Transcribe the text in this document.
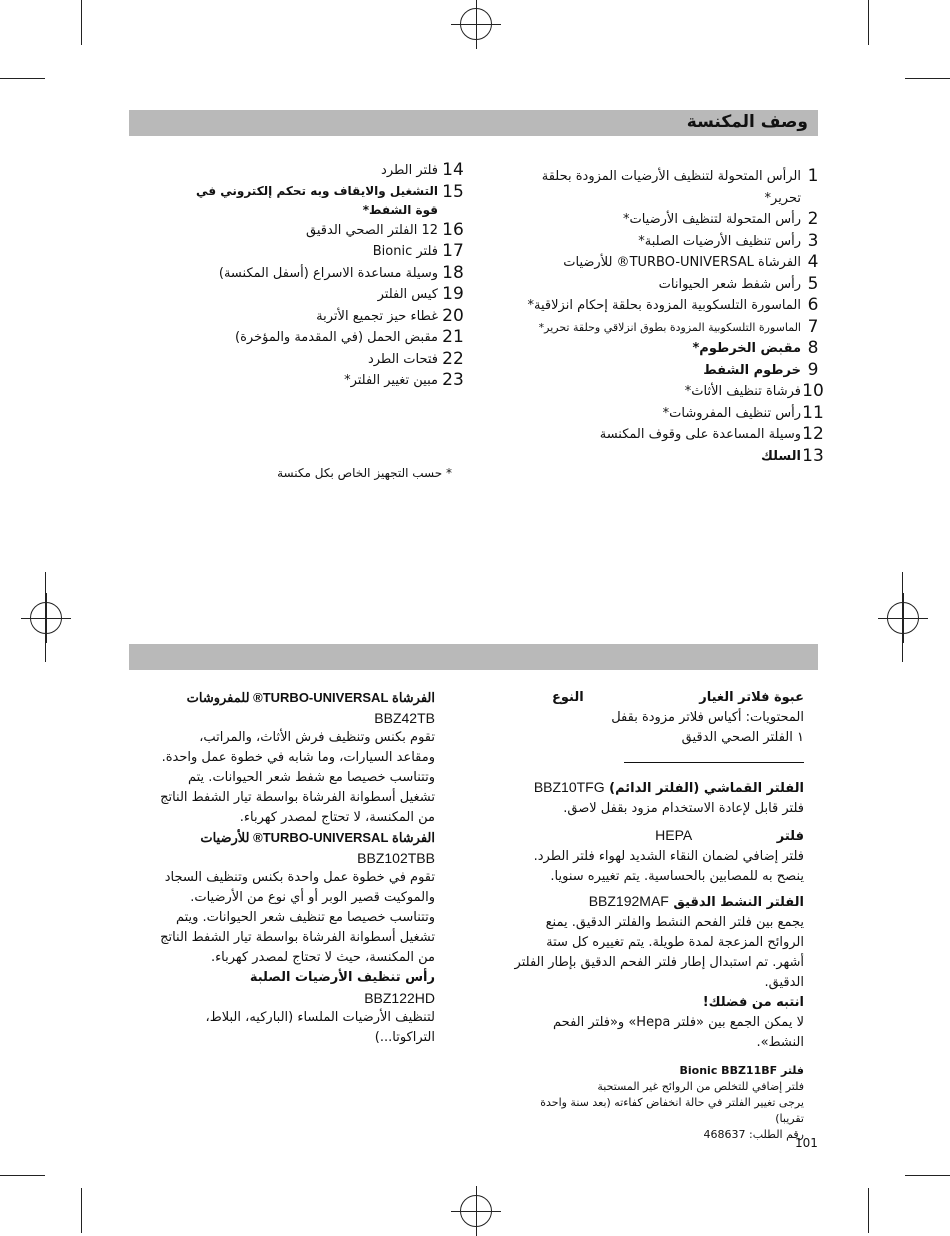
وصف المكنسة
1
الرأس المتحولة لتنظيف الأرضيات المزودة بحلقة تحرير*
2
رأس المتحولة لتنظيف الأرضيات*
3
رأس تنظيف الأرضيات الصلبة*
4
الفرشاة TURBO-UNIVERSAL® للأرضيات
5
رأس شفط شعر الحيوانات
6
الماسورة التلسكوبية المزودة بحلقة إحكام انزلاقية*
7
الماسورة التلسكوبية المزودة بطوق انزلاقي وحلقة تحرير*
8
مقبض الخرطوم*
9
خرطوم الشفط
10
فرشاة تنظيف الأثاث*
11
رأس تنظيف المفروشات*
12
وسيلة المساعدة على وقوف المكنسة
13
السلك
14
فلتر الطرد
15
التشغيل والايقاف وبه تحكم إلكتروني في قوة الشفط*
16
12 الفلتر الصحي الدقيق
17
فلتر Bionic
18
وسيلة مساعدة الاسراع (أسفل المكنسة)
19
كيس الفلتر
20
غطاء حيز تجميع الأتربة
21
مقبض الحمل (في المقدمة والمؤخرة)
22
فتحات الطرد
23
مبين تغيير الفلتر*
* حسب التجهيز الخاص بكل مكنسة
الفرشاة TURBO-UNIVERSAL® للمفروشات
BBZ42TB
تقوم بكنس وتنظيف فرش الأثاث، والمراتب، ومقاعد السيارات، وما شابه في خطوة عمل واحدة. وتتناسب خصيصا مع شفط شعر الحيوانات. يتم تشغيل أسطوانة الفرشاة بواسطة تيار الشفط الناتج من المكنسة، لا تحتاج لمصدر كهرباء.
الفرشاة TURBO-UNIVERSAL® للأرضيات
BBZ102TBB
تقوم في خطوة عمل واحدة بكنس وتنظيف السجاد والموكيت قصير الوبر أو أي نوع من الأرضيات. وتتناسب خصيصا مع تنظيف شعر الحيوانات. ويتم تشغيل أسطوانة الفرشاة بواسطة تيار الشفط الناتج من المكنسة، حيث لا تحتاج لمصدر كهرباء.
رأس تنظيف الأرضيات الصلبة
BBZ122HD
لتنظيف الأرضيات الملساء (الباركيه، البلاط، التراكوتا...)
عبوة فلاتر الغيار
النوع
المحتويات: أكياس فلاتر مزودة بقفل
١ الفلتر الصحي الدقيق
الفلتر القماشي (الفلتر الدائم) BBZ10TFG
فلتر قابل لإعادة الاستخدام مزود بقفل لاصق.
فلتر HEPA
فلتر إضافي لضمان النقاء الشديد لهواء فلتر الطرد. ينصح به للمصابين بالحساسية. يتم تغييره سنويا.
الفلتر النشط الدقيق BBZ192MAF
يجمع بين فلتر الفحم النشط والفلتر الدقيق. يمنع الروائح المزعجة لمدة طويلة. يتم تغييره كل ستة أشهر. تم استبدال إطار فلتر الفحم الدقيق بإطار الفلتر الدقيق.
انتبه من فضلك!
لا يمكن الجمع بين «فلتر Hepa» و«فلتر الفحم النشط».
فلتر Bionic BBZ11BF
فلتر إضافي للتخلص من الروائح غير المستحبة
يرجى تغيير الفلتر في حالة انخفاض كفاءته (بعد سنة واحدة تقريبا)
رقم الطلب: 468637
101
